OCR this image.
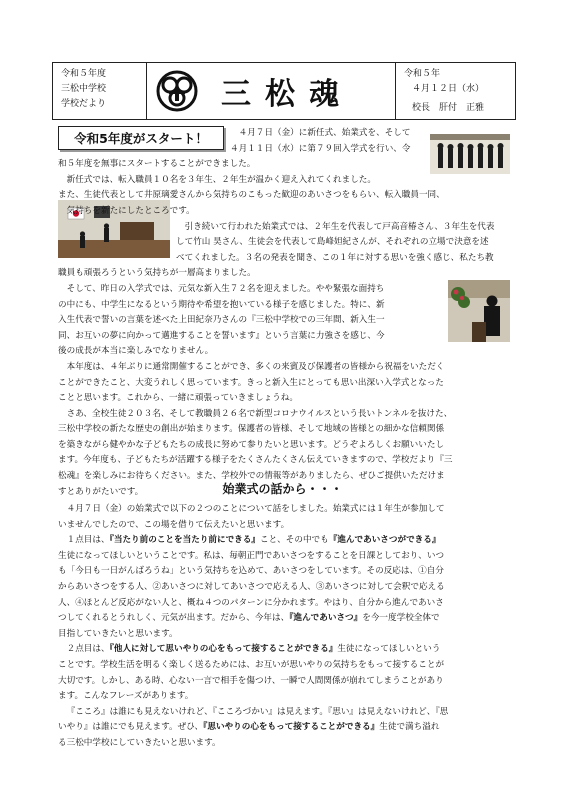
令和５年度
三松中学校
学校だより	三松魂
令和５年
４月１２日（水）
校長　肝付　正雅
令和5年度がスタート！	４月７日（金）に新任式、始業式を、そして

４月１１日（水）に第７９回入学式を行い、令

和５年度を無事にスタートすることができました。

新任式では、転入職員１０名を３年生、２年生が温かく迎え入れてくれました。

また、生徒代表として井原璃愛さんから気持ちのこもった歓迎のあいさつをもらい、転入職員一同、

気持ちを新たにしたところです。

引き続いて行われた始業式では、２年生を代表して戸高音椿さん、３年生を代表

して竹山 昊さん、生徒会を代表して島峰妲紀さんが、それぞれの立場で決意を述

べてくれました。３名の発表を聞き、この１年に対する思いを強く感じ、私たち教

職員も頑張ろうという気持ちが一層高まりました。

そして、昨日の入学式では、元気な新入生７２名を迎えました。やや緊張な面持ち

の中にも、中学生になるという期待や希望を抱いている様子を感じました。特に、新

入生代表で誓いの言葉を述べた上田紀奈乃さんの『三松中学校での三年間、新入生一

同、お互いの夢に向かって邁進することを誓います』という言葉に力強さを感じ、今

後の成長が本当に楽しみでなりません。

本年度は、４年ぶりに通常開催することができ、多くの来賓及び保護者の皆様から祝福をいただく

ことができたこと、大変うれしく思っています。きっと新入生にとっても思い出深い入学式となった

ことと思います。これから、一緒に頑張っていきましょうね。

さあ、全校生徒２０３名、そして教職員２６名で新型コロナウイルスという長いトンネルを抜けた、

三松中学校の新たな歴史の創出が始まります。保護者の皆様、そして地域の皆様との細かな信頼関係

を築きながら健やかな子どもたちの成長に努めて参りたいと思います。どうぞよろしくお願いいたし

ます。今年度も、子どもたちが活躍する様子をたくさんたくさん伝えていきますので、学校だより『三

松魂』を楽しみにお待ちください。また、学校外での情報等がありましたら、ぜひご提供いただけま

すとありがたいです。	始業式の話から・・・

４月７日（金）の始業式で以下の２つのことについて話をしました。始業式には１年生が参加して

いませんでしたので、この場を借りて伝えたいと思います。

１点目は、『当たり前のことを当たり前にできる』こと、その中でも『進んであいさつができる』

生徒になってほしいということです。私は、毎朝正門であいさつをすることを日課としており、いつ

も「今日も一日がんばろうね」という気持ちを込めて、あいさつをしています。その反応は、①自分

からあいさつをする人、②あいさつに対してあいさつで応える人、③あいさつに対して会釈で応える

人、④ほとんど反応がない人と、概ね４つのパターンに分かれます。やはり、自分から進んであいさ

つしてくれるとうれしく、元気が出ます。だから、今年は、『進んであいさつ』を今一度学校全体で

目指していきたいと思います。

２点目は、『他人に対して思いやりの心をもって接することができる』生徒になってほしいという

ことです。学校生活を明るく楽しく送るためには、お互いが思いやりの気持ちをもって接することが

大切です。しかし、ある時、心ない一言で相手を傷つけ、一瞬で人間関係が崩れてしまうことがあり

ます。こんなフレーズがあります。

『こころ』は誰にも見えないけれど、『こころづかい』は見えます。『思い』は見えないけれど、『思

いやり』は誰にでも見えます。ぜひ、『思いやりの心をもって接することができる』生徒で満ち溢れ

る三松中学校にしていきたいと思います。
